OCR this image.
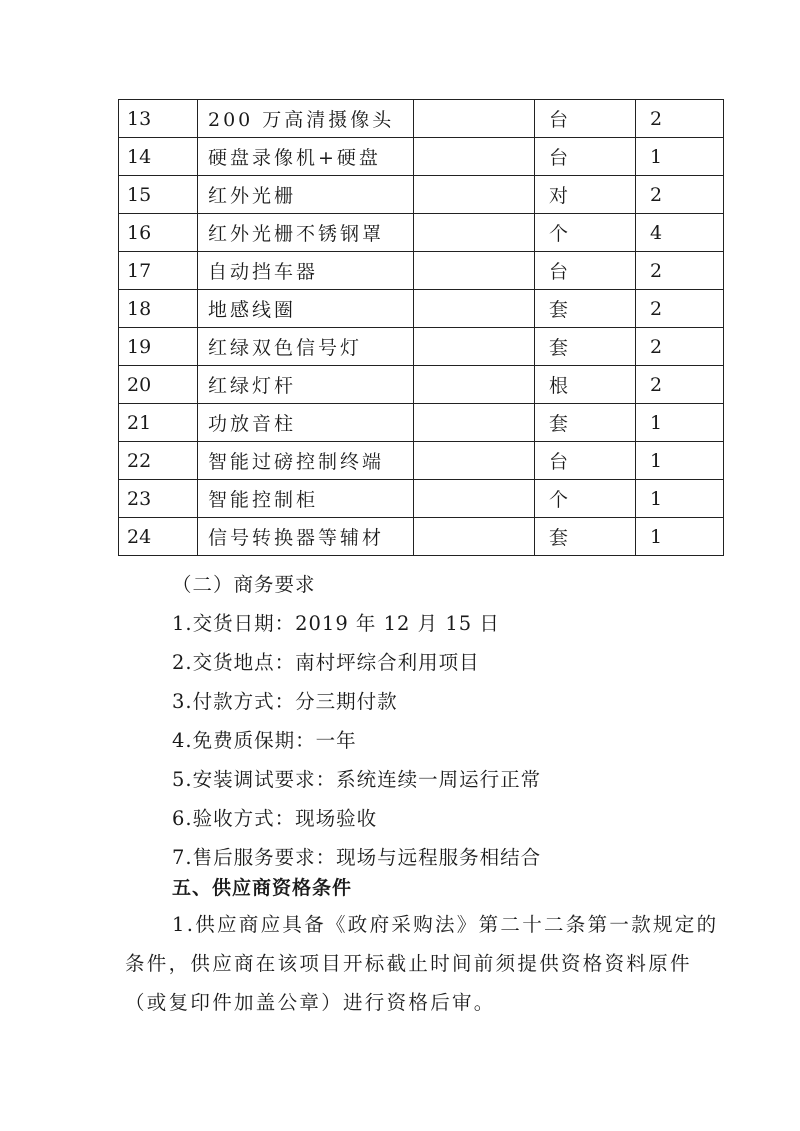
13	200 万高清摄像头		台	2
14	硬盘录像机+硬盘		台	1
15	红外光栅		对	2
16	红外光栅不锈钢罩		个	4
17	自动挡车器		台	2
18	地感线圈		套	2
19	红绿双色信号灯		套	2
20	红绿灯杆		根	2
21	功放音柱		套	1
22	智能过磅控制终端		台	1
23	智能控制柜		个	1
24	信号转换器等辅材		套	1
（二）商务要求
1.交货日期：2019 年 12 月 15 日
2.交货地点：南村坪综合利用项目
3.付款方式：分三期付款
4.免费质保期：一年
5.安装调试要求：系统连续一周运行正常
6.验收方式：现场验收
7.售后服务要求：现场与远程服务相结合
五、供应商资格条件

1.供应商应具备《政府采购法》第二十二条第一款规定的条件，供应商在该项目开标截止时间前须提供资格资料原件（或复印件加盖公章）进行资格后审。
